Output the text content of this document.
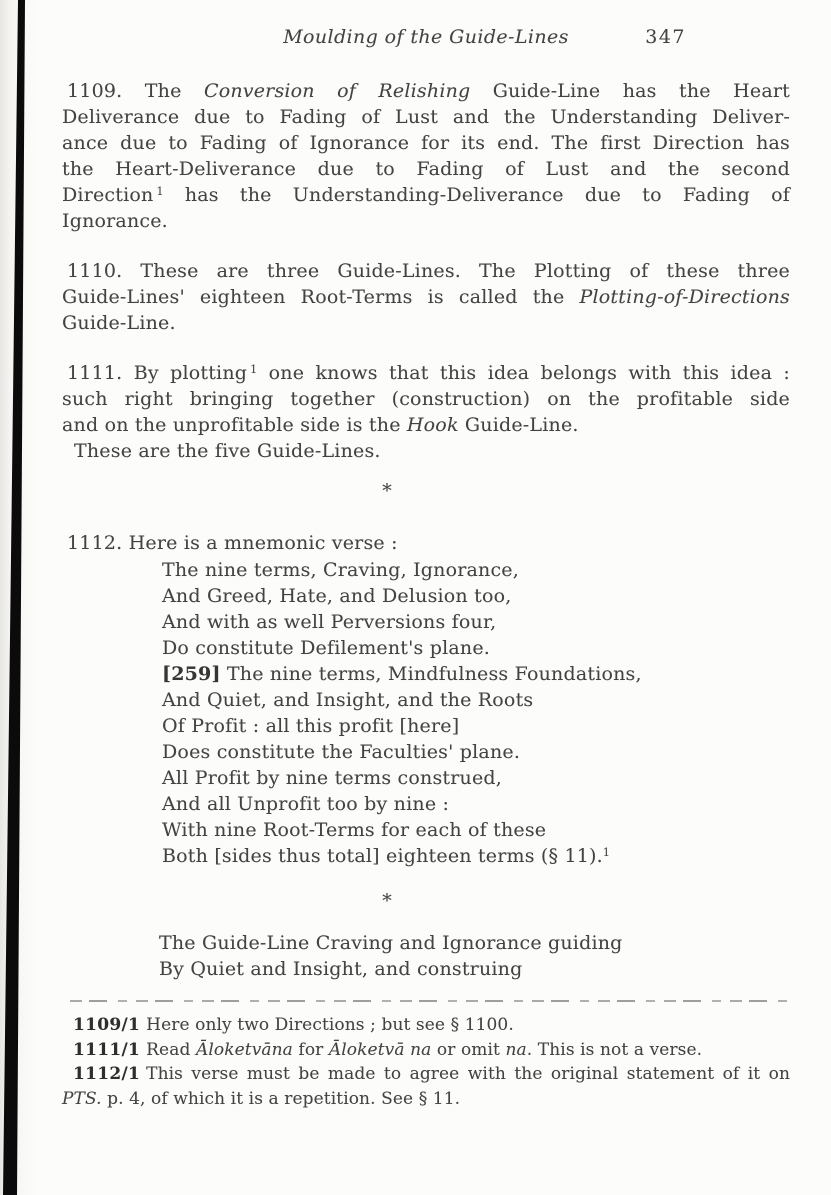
Moulding of the Guide-Lines	347
1109. The Conversion of Relishing Guide-Line has the Heart
Deliverance due to Fading of Lust and the Understanding Deliver-
ance due to Fading of Ignorance for its end. The first Direction has
the Heart-Deliverance due to Fading of Lust and the second
Direction $^1$ has the Understanding-Deliverance due to Fading of
Ignorance.
1110. These are three Guide-Lines. The Plotting of these three
Guide-Lines' eighteen Root-Terms is called the Plotting-of-Directions
Guide-Line.
1111. By plotting $^1$ one knows that this idea belongs with this idea :
such right bringing together (construction) on the profitable side
and on the unprofitable side is the Hook Guide-Line.
These are the five Guide-Lines.
*
1112. Here is a mnemonic verse :
The nine terms, Craving, Ignorance,
And Greed, Hate, and Delusion too,
And with as well Perversions four,
Do constitute Defilement's plane.
[259] The nine terms, Mindfulness Foundations,
And Quiet, and Insight, and the Roots
Of Profit : all this profit [here]
Does constitute the Faculties' plane.
All Profit by nine terms construed,
And all Unprofit too by nine :
With nine Root-Terms for each of these
Both [sides thus total] eighteen terms (§ 11).$^1$
*
The Guide-Line Craving and Ignorance guiding
By Quiet and Insight, and construing
1109/1 Here only two Directions ; but see § 1100.
1111/1 Read Āloketvāna for Āloketvā na or omit na. This is not a verse.
1112/1 This verse must be made to agree with the original statement of it on
PTS. p. 4, of which it is a repetition. See § 11.
